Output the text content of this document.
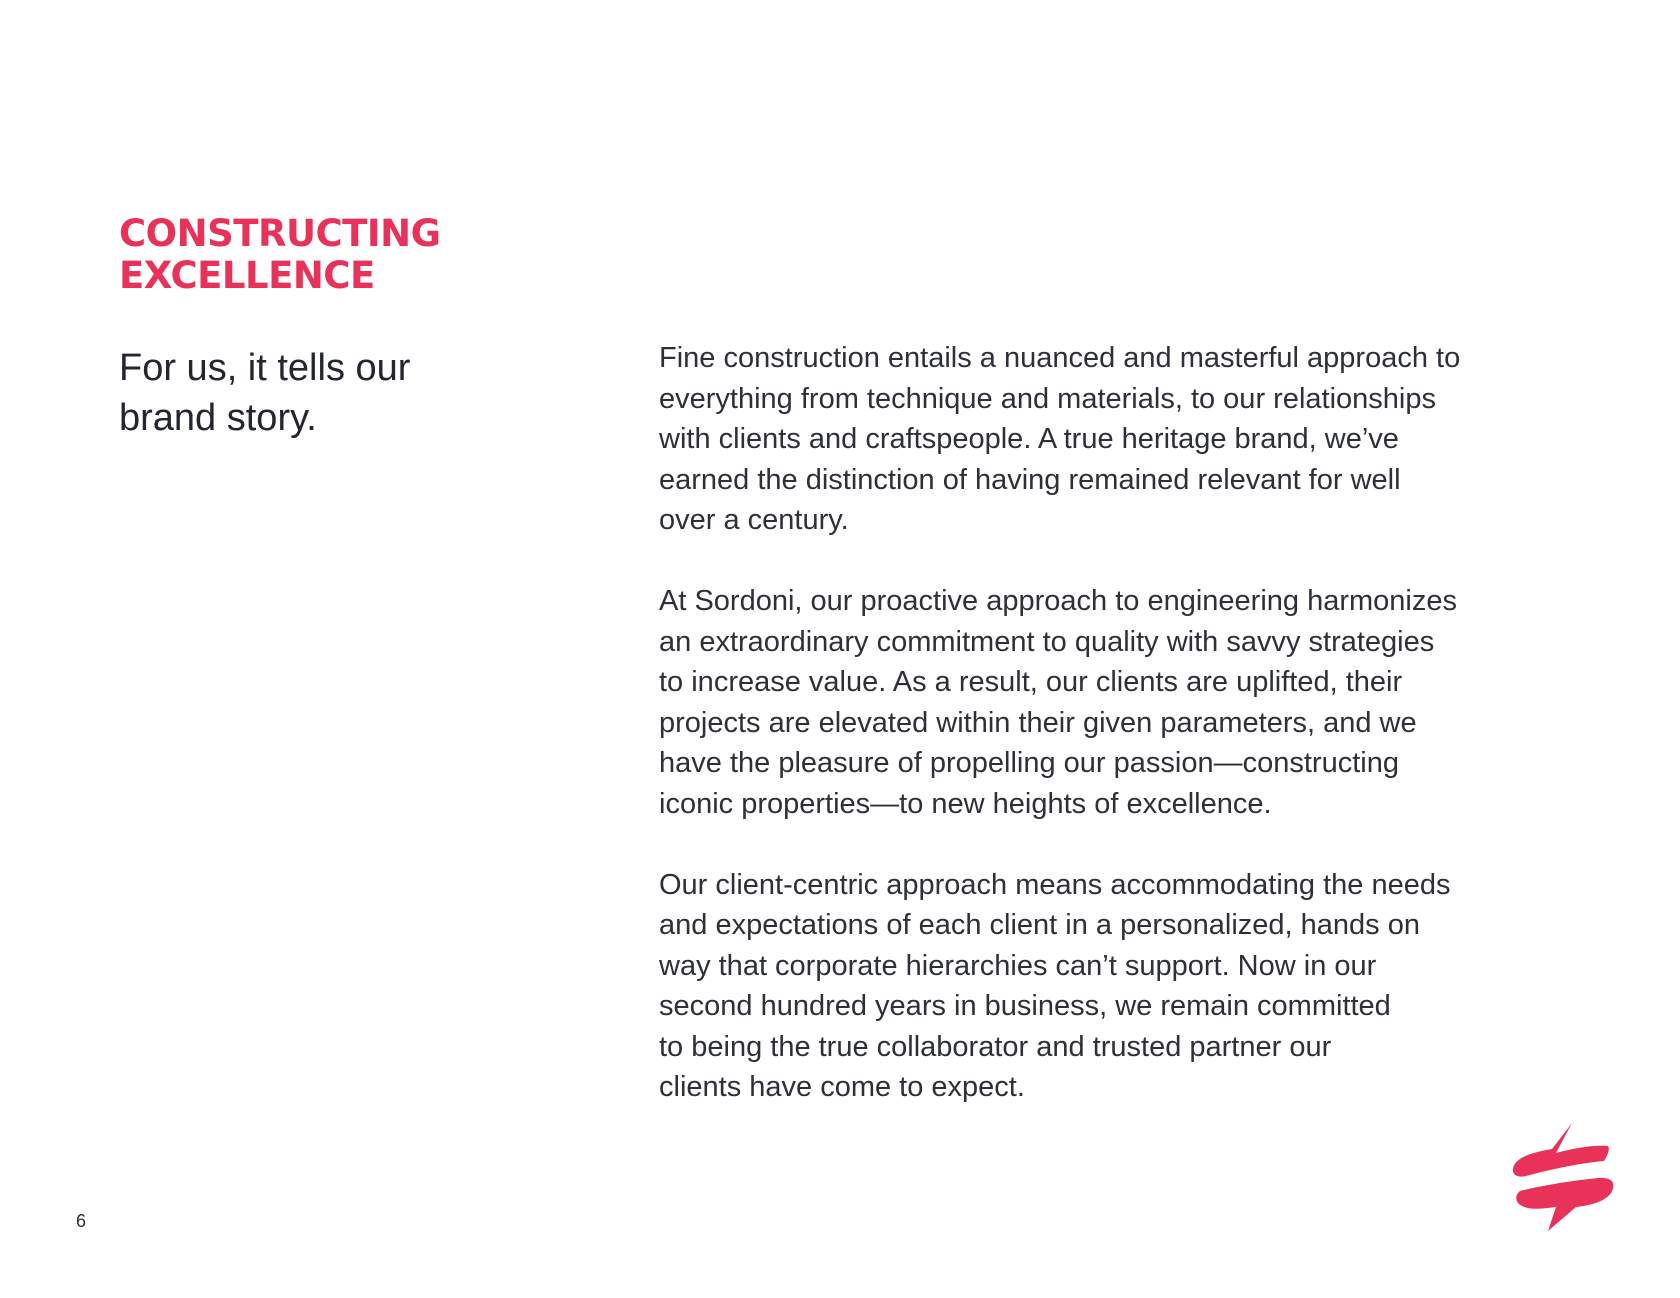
CONSTRUCTING
EXCELLENCE
For us, it tells our
brand story.

Fine construction entails a nuanced and masterful approach to
everything from technique and materials, to our relationships
with clients and craftspeople. A true heritage brand, we’ve
earned the distinction of having remained relevant for well
over a century.

At Sordoni, our proactive approach to engineering harmonizes
an extraordinary commitment to quality with savvy strategies
to increase value. As a result, our clients are uplifted, their
projects are elevated within their given parameters, and we
have the pleasure of propelling our passion—constructing
iconic properties—to new heights of excellence.

Our client-centric approach means accommodating the needs
and expectations of each client in a personalized, hands on
way that corporate hierarchies can’t support. Now in our
second hundred years in business, we remain committed
to being the true collaborator and trusted partner our
clients have come to expect.

6
